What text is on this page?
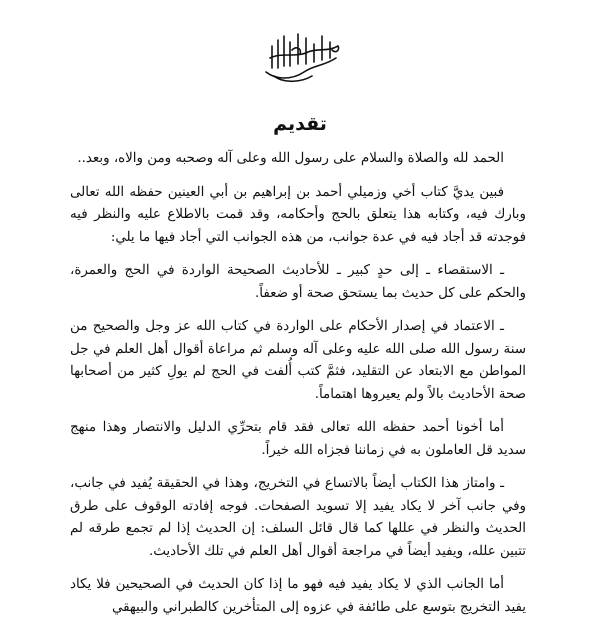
تقديم

الحمد لله والصلاة والسلام على رسول الله وعلى آله وصحبه ومن والاه، وبعد..

فبين يديَّ كتاب أخي وزميلي أحمد بن إبراهيم بن أبي العينين حفظه الله تعالى وبارك فيه، وكتابه هذا يتعلق بالحج وأحكامه، وقد قمت بالاطلاع عليه والنظر فيه فوجدته قد أجاد فيه في عدة جوانب، من هذه الجوانب التي أجاد فيها ما يلي:

ـ الاستقصاء ـ إلى حدٍ كبير ـ للأحاديث الصحيحة الواردة في الحج والعمرة، والحكم على كل حديث بما يستحق صحة أو ضعفاً.

ـ الاعتماد في إصدار الأحكام على الواردة في كتاب الله عز وجل والصحيح من سنة رسول الله صلى الله عليه وعلى آله وسلم ثم مراعاة أقوال أهل العلم في جل المواطن مع الابتعاد عن التقليد، فثمَّ كتب أُلفت في الحج لم يولِ كثير من أصحابها صحة الأحاديث بالاً ولم يعيروها اهتماماً.

أما أخونا أحمد حفظه الله تعالى فقد قام بتحرِّي الدليل والانتصار وهذا منهج سديد قل العاملون به في زماننا فجزاه الله خيراً.

ـ وامتاز هذا الكتاب أيضاً بالاتساع في التخريج، وهذا في الحقيقة يُفيد في جانب، وفي جانب آخر لا يكاد يفيد إلا تسويد الصفحات. فوجه إفادته الوقوف على طرق الحديث والنظر في عللها كما قال قائل السلف: إن الحديث إذا لم تجمع طرقه لم تتبين علله، ويفيد أيضاً في مراجعة أقوال أهل العلم في تلك الأحاديث.

أما الجانب الذي لا يكاد يفيد فيه فهو ما إذا كان الحديث في الصحيحين فلا يكاد يفيد التخريج بتوسع على طائفة في عزوه إلى المتأخرين كالطبراني والبيهقي
